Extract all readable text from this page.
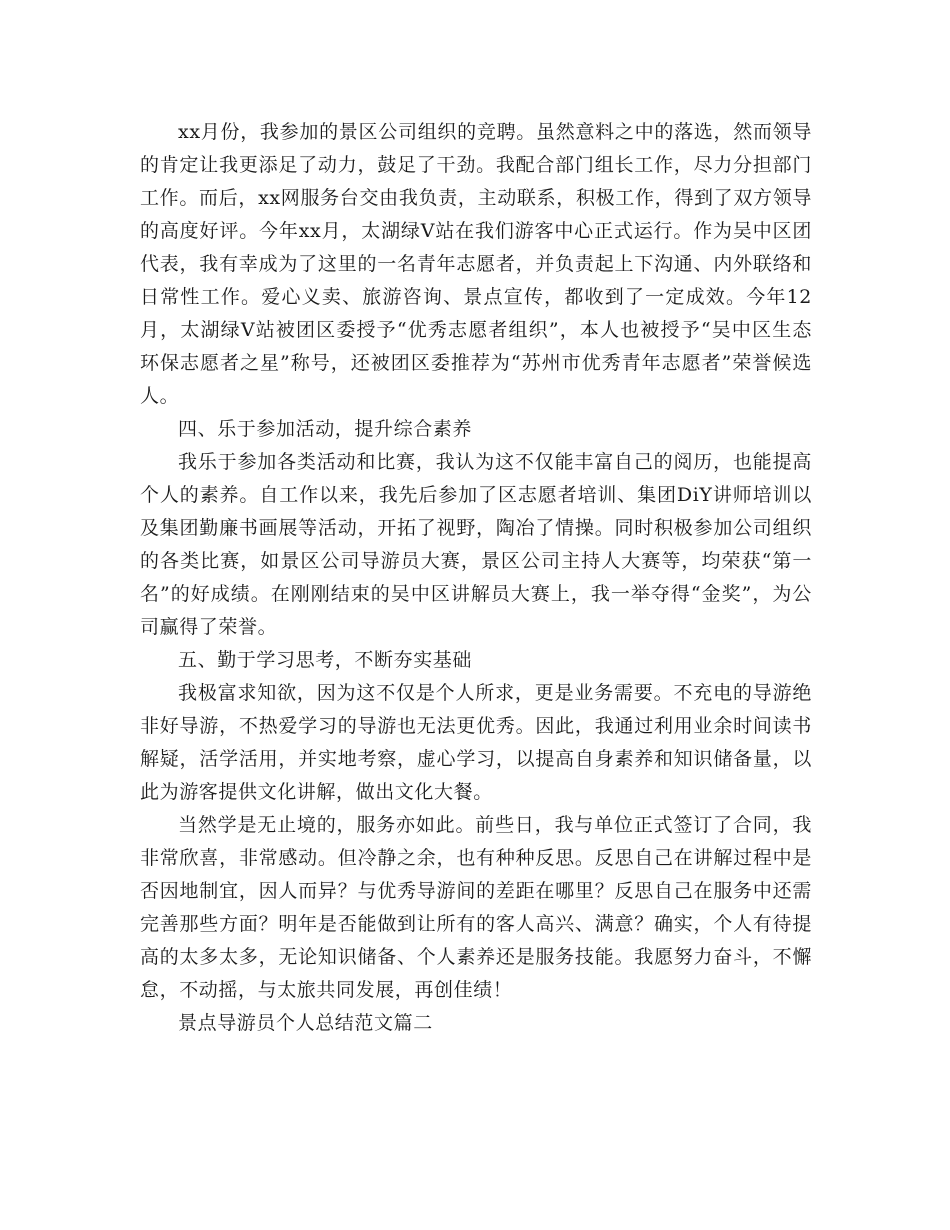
xx月份，我参加的景区公司组织的竞聘。虽然意料之中的落选，然而领导的肯定让我更添足了动力，鼓足了干劲。我配合部门组长工作，尽力分担部门工作。而后，xx网服务台交由我负责，主动联系，积极工作，得到了双方领导的高度好评。今年xx月，太湖绿Ⅴ站在我们游客中心正式运行。作为吴中区团代表，我有幸成为了这里的一名青年志愿者，并负责起上下沟通、内外联络和日常性工作。爱心义卖、旅游咨询、景点宣传，都收到了一定成效。今年12月，太湖绿Ⅴ站被团区委授予“优秀志愿者组织”，本人也被授予“吴中区生态环保志愿者之星”称号，还被团区委推荐为“苏州市优秀青年志愿者”荣誉候选人。

四、乐于参加活动，提升综合素养

我乐于参加各类活动和比赛，我认为这不仅能丰富自己的阅历，也能提高个人的素养。自工作以来，我先后参加了区志愿者培训、集团DiY讲师培训以及集团勤廉书画展等活动，开拓了视野，陶冶了情操。同时积极参加公司组织的各类比赛，如景区公司导游员大赛，景区公司主持人大赛等，均荣获“第一名”的好成绩。在刚刚结束的吴中区讲解员大赛上，我一举夺得“金奖”，为公司赢得了荣誉。

五、勤于学习思考，不断夯实基础

我极富求知欲，因为这不仅是个人所求，更是业务需要。不充电的导游绝非好导游，不热爱学习的导游也无法更优秀。因此，我通过利用业余时间读书解疑，活学活用，并实地考察，虚心学习，以提高自身素养和知识储备量，以此为游客提供文化讲解，做出文化大餐。

当然学是无止境的，服务亦如此。前些日，我与单位正式签订了合同，我非常欣喜，非常感动。但冷静之余，也有种种反思。反思自己在讲解过程中是否因地制宜，因人而异？与优秀导游间的差距在哪里？反思自己在服务中还需完善那些方面？明年是否能做到让所有的客人高兴、满意？确实，个人有待提高的太多太多，无论知识储备、个人素养还是服务技能。我愿努力奋斗，不懈怠，不动摇，与太旅共同发展，再创佳绩！

景点导游员个人总结范文篇二
